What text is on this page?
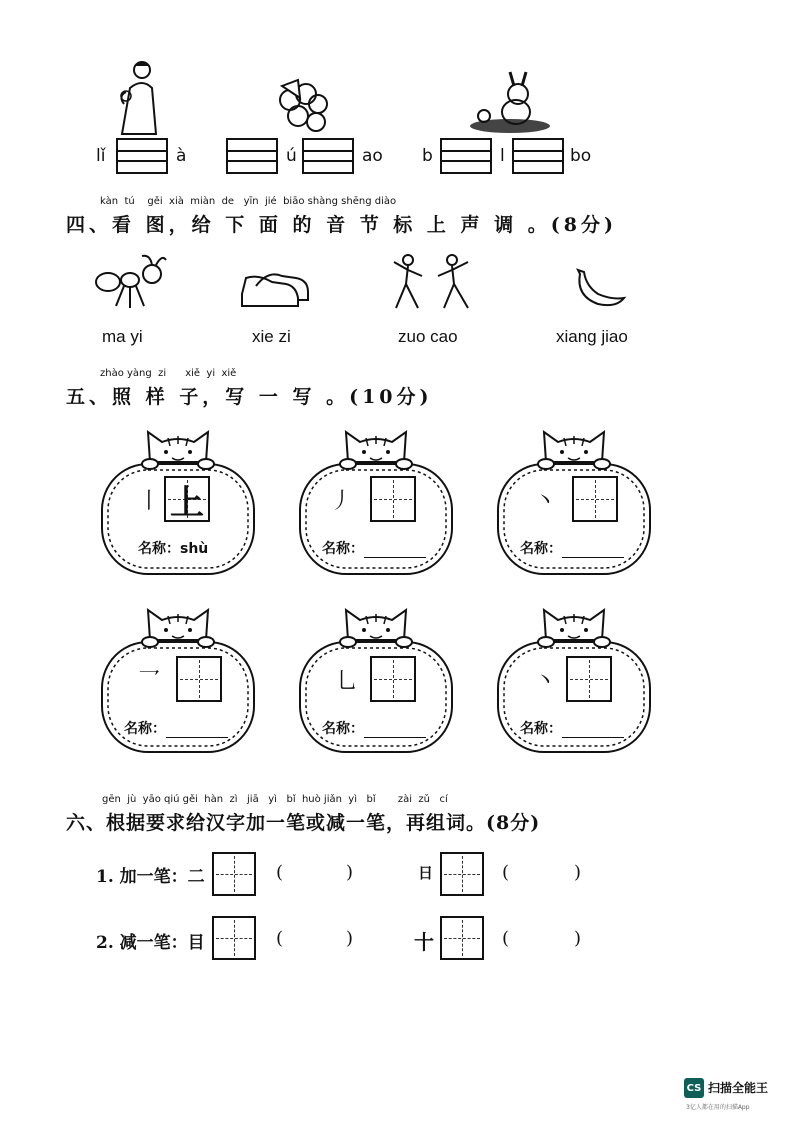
lǐ	à	ú	ao b	l	bo
kàn  tú    gěi  xià  miàn  de   yīn  jié  biāo shàng shēng diào
四、看 图，给 下 面 的 音 节 标 上 声 调 。(8分)
ma yi	xie zi	zuo cao	xiang jiao
zhào yàng  zi      xiě  yi  xiě
五、照 样 子，写 一 写 。(10分)
丨 上
名称：shù
丿
名称：
丶
名称：
乛
名称：
乚
名称：
丶
名称：
gēn  jù  yāo qiú gěi  hàn  zì   jiā   yì   bǐ  huò jiǎn  yì   bǐ       zài  zǔ   cí
六、根据要求给汉字加一笔或减一笔，再组词。(8分)
1. 加一笔：二	(	)	日	(	)
2. 减一笔：目	(	)	十	(	)
CS 扫描全能王
3亿人都在用的扫描App
